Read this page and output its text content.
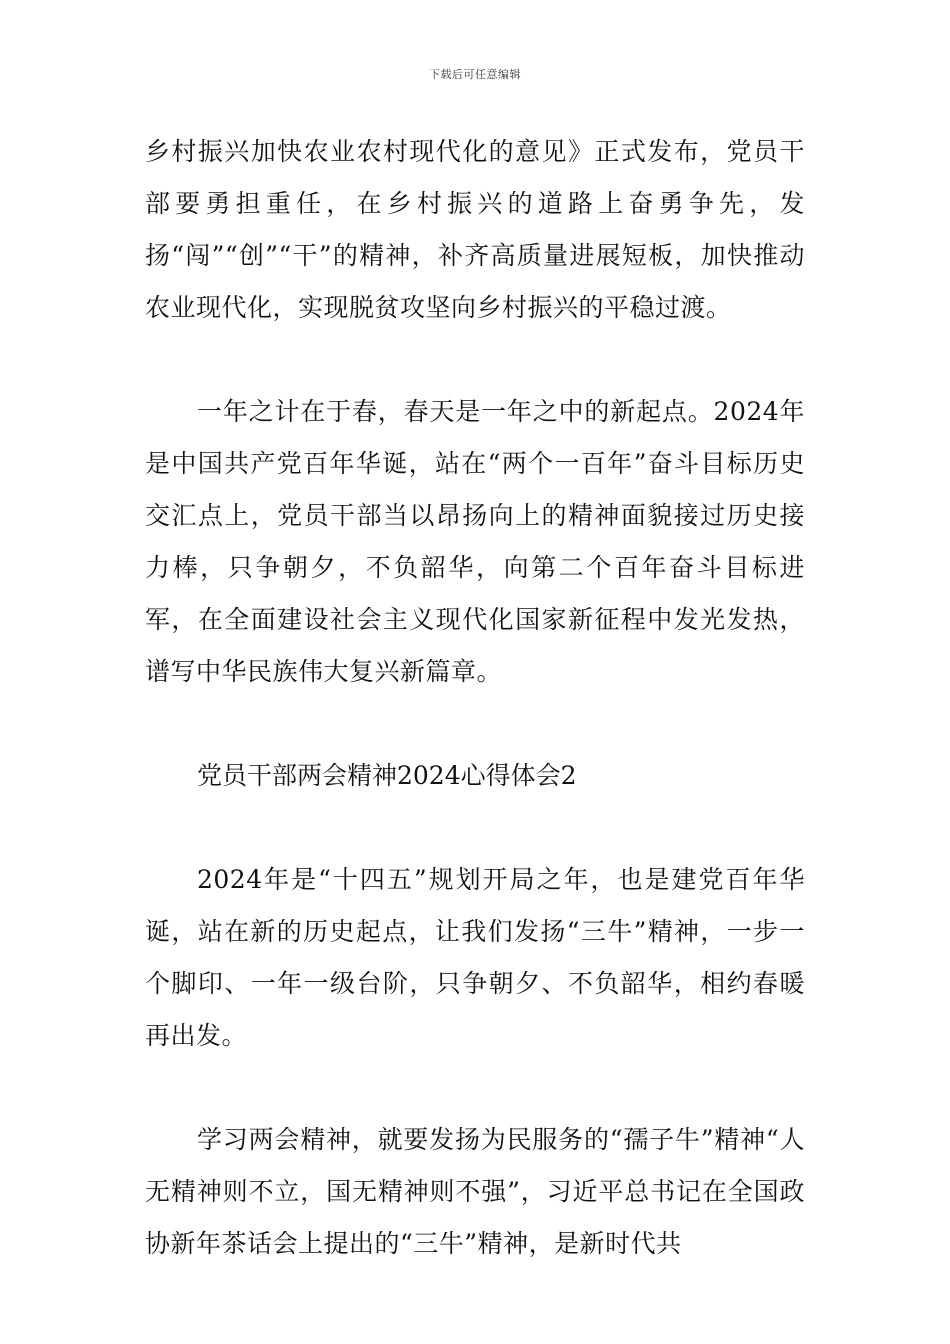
下载后可任意编辑

乡村振兴加快农业农村现代化的意见》正式发布，党员干部要勇担重任，在乡村振兴的道路上奋勇争先，发扬“闯”“创”“干”的精神，补齐高质量进展短板，加快推动农业现代化，实现脱贫攻坚向乡村振兴的平稳过渡。

一年之计在于春，春天是一年之中的新起点。2024年是中国共产党百年华诞，站在“两个一百年”奋斗目标历史交汇点上，党员干部当以昂扬向上的精神面貌接过历史接力棒，只争朝夕，不负韶华，向第二个百年奋斗目标进军，在全面建设社会主义现代化国家新征程中发光发热，谱写中华民族伟大复兴新篇章。

党员干部两会精神2024心得体会2

2024年是“十四五”规划开局之年，也是建党百年华诞，站在新的历史起点，让我们发扬“三牛”精神，一步一个脚印、一年一级台阶，只争朝夕、不负韶华，相约春暖再出发。

学习两会精神，就要发扬为民服务的“孺子牛”精神“人无精神则不立，国无精神则不强”，习近平总书记在全国政协新年茶话会上提出的“三牛”精神，是新时代共
